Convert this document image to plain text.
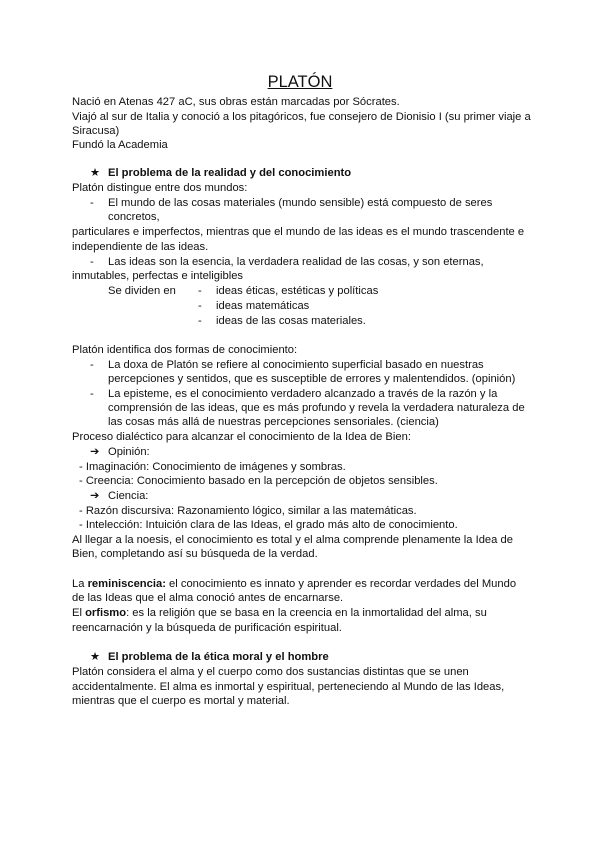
PLATÓN
Nació en Atenas 427 aC, sus obras están marcadas por Sócrates.
Viajó al sur de Italia y conoció a los pitagóricos, fue consejero de Dionisio I (su primer viaje a
Siracusa)
Fundó la Academia
★ El problema de la realidad y del conocimiento
Platón distingue entre dos mundos:
- El mundo de las cosas materiales (mundo sensible) está compuesto de seres
concretos,
particulares e imperfectos, mientras que el mundo de las ideas es el mundo trascendente e
independiente de las ideas.
- Las ideas son la esencia, la verdadera realidad de las cosas, y son eternas,
inmutables, perfectas e inteligibles
Se dividen en - ideas éticas, estéticas y políticas
- ideas matemáticas
- ideas de las cosas materiales.
Platón identifica dos formas de conocimiento:
- La doxa de Platón se refiere al conocimiento superficial basado en nuestras
percepciones y sentidos, que es susceptible de errores y malentendidos. (opinión)
- La episteme, es el conocimiento verdadero alcanzado a través de la razón y la
comprensión de las ideas, que es más profundo y revela la verdadera naturaleza de
las cosas más allá de nuestras percepciones sensoriales. (ciencia)
Proceso dialéctico para alcanzar el conocimiento de la Idea de Bien:
➔ Opinión:
- Imaginación: Conocimiento de imágenes y sombras.
- Creencia: Conocimiento basado en la percepción de objetos sensibles.
➔ Ciencia:
- Razón discursiva: Razonamiento lógico, similar a las matemáticas.
- Intelección: Intuición clara de las Ideas, el grado más alto de conocimiento.
Al llegar a la noesis, el conocimiento es total y el alma comprende plenamente la Idea de
Bien, completando así su búsqueda de la verdad.
La reminiscencia: el conocimiento es innato y aprender es recordar verdades del Mundo
de las Ideas que el alma conoció antes de encarnarse.
El orfismo: es la religión que se basa en la creencia en la inmortalidad del alma, su
reencarnación y la búsqueda de purificación espiritual.
★ El problema de la ética moral y el hombre
Platón considera el alma y el cuerpo como dos sustancias distintas que se unen
accidentalmente. El alma es inmortal y espiritual, perteneciendo al Mundo de las Ideas,
mientras que el cuerpo es mortal y material.
